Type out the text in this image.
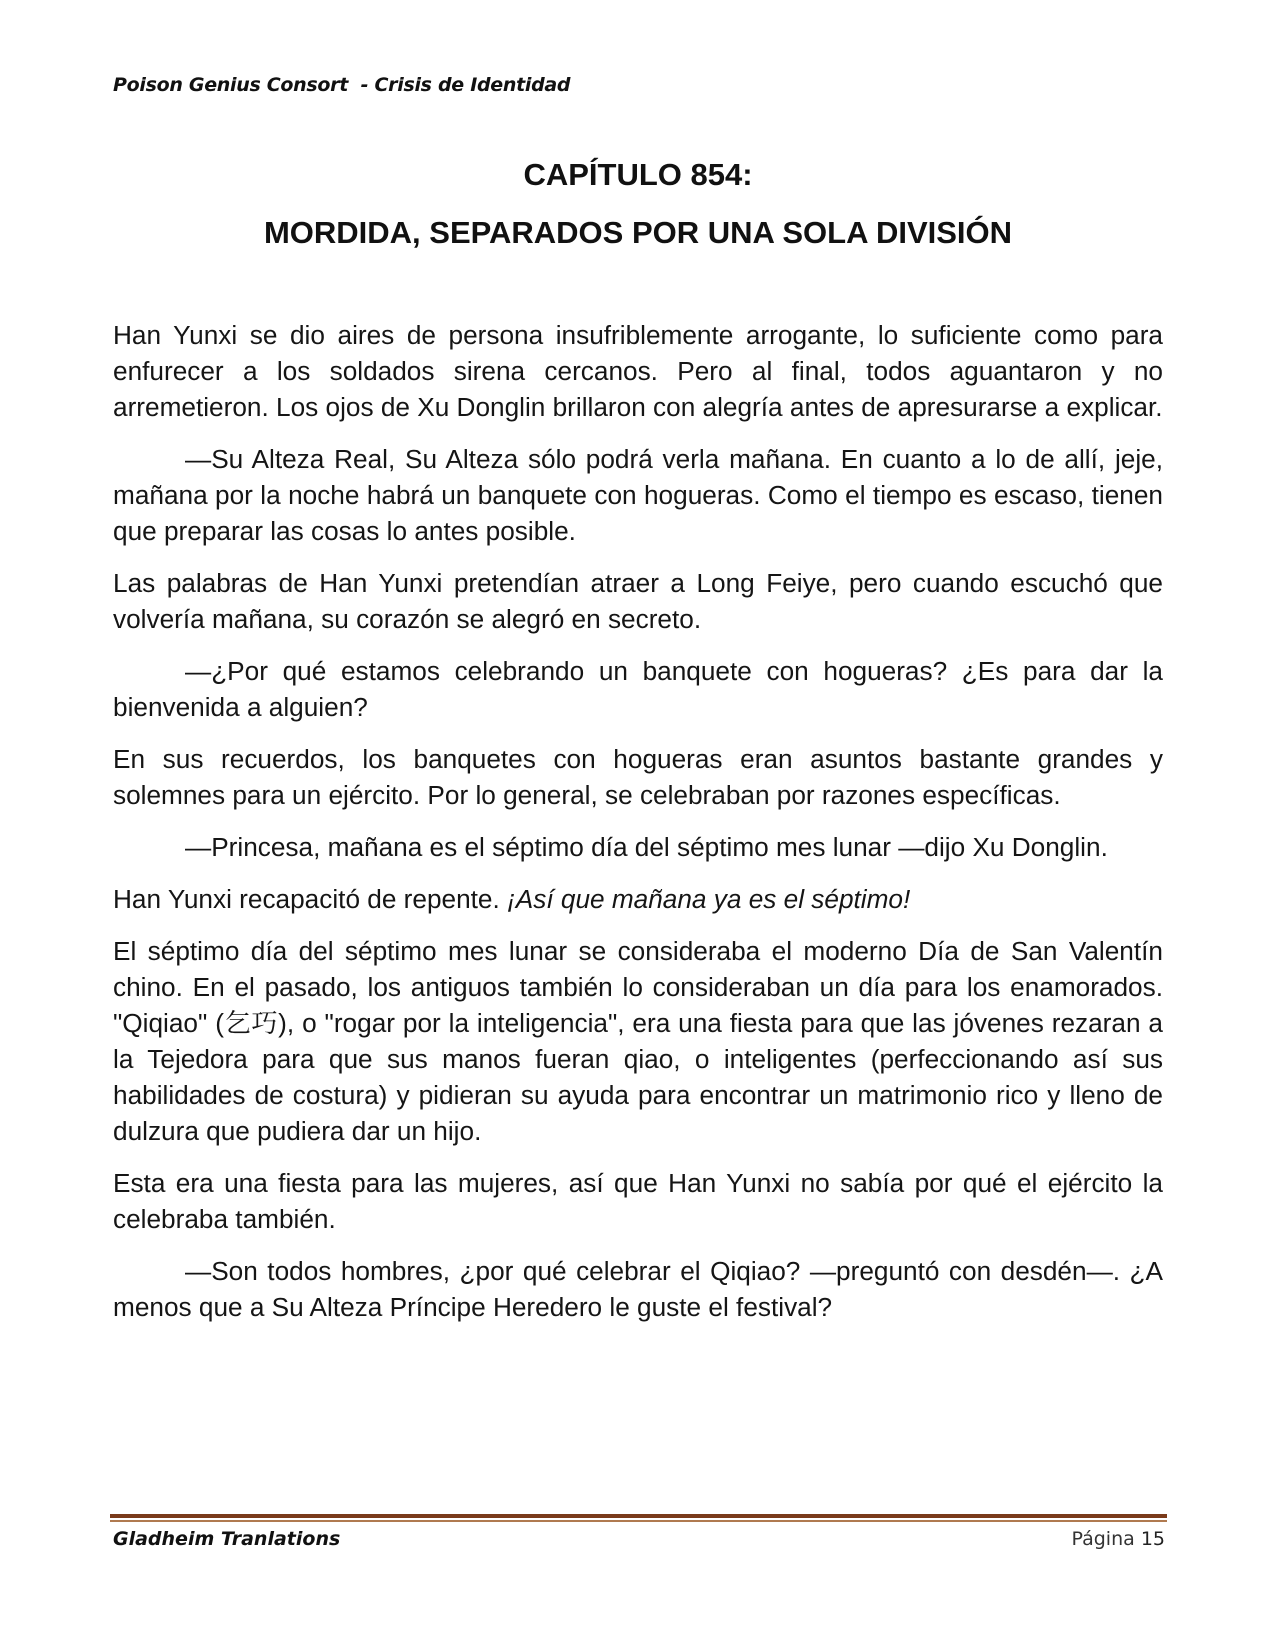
Poison Genius Consort  - Crisis de Identidad
CAPÍTULO 854:
MORDIDA, SEPARADOS POR UNA SOLA DIVISIÓN

Han Yunxi se dio aires de persona insufriblemente arrogante, lo suficiente como para enfurecer a los soldados sirena cercanos. Pero al final, todos aguantaron y no arremetieron. Los ojos de Xu Donglin brillaron con alegría antes de apresurarse a explicar.

—Su Alteza Real, Su Alteza sólo podrá verla mañana. En cuanto a lo de allí, jeje, mañana por la noche habrá un banquete con hogueras. Como el tiempo es escaso, tienen que preparar las cosas lo antes posible.

Las palabras de Han Yunxi pretendían atraer a Long Feiye, pero cuando escuchó que volvería mañana, su corazón se alegró en secreto.

—¿Por qué estamos celebrando un banquete con hogueras? ¿Es para dar la bienvenida a alguien?

En sus recuerdos, los banquetes con hogueras eran asuntos bastante grandes y solemnes para un ejército. Por lo general, se celebraban por razones específicas.

—Princesa, mañana es el séptimo día del séptimo mes lunar —dijo Xu Donglin.

Han Yunxi recapacitó de repente. ¡Así que mañana ya es el séptimo!

El séptimo día del séptimo mes lunar se consideraba el moderno Día de San Valentín chino. En el pasado, los antiguos también lo consideraban un día para los enamorados. "Qiqiao" (乞巧), o "rogar por la inteligencia", era una fiesta para que las jóvenes rezaran a la Tejedora para que sus manos fueran qiao, o inteligentes (perfeccionando así sus habilidades de costura) y pidieran su ayuda para encontrar un matrimonio rico y lleno de dulzura que pudiera dar un hijo.

Esta era una fiesta para las mujeres, así que Han Yunxi no sabía por qué el ejército la celebraba también.

—Son todos hombres, ¿por qué celebrar el Qiqiao? —preguntó con desdén—. ¿A menos que a Su Alteza Príncipe Heredero le guste el festival?

Gladheim Tranlations	Página 15
